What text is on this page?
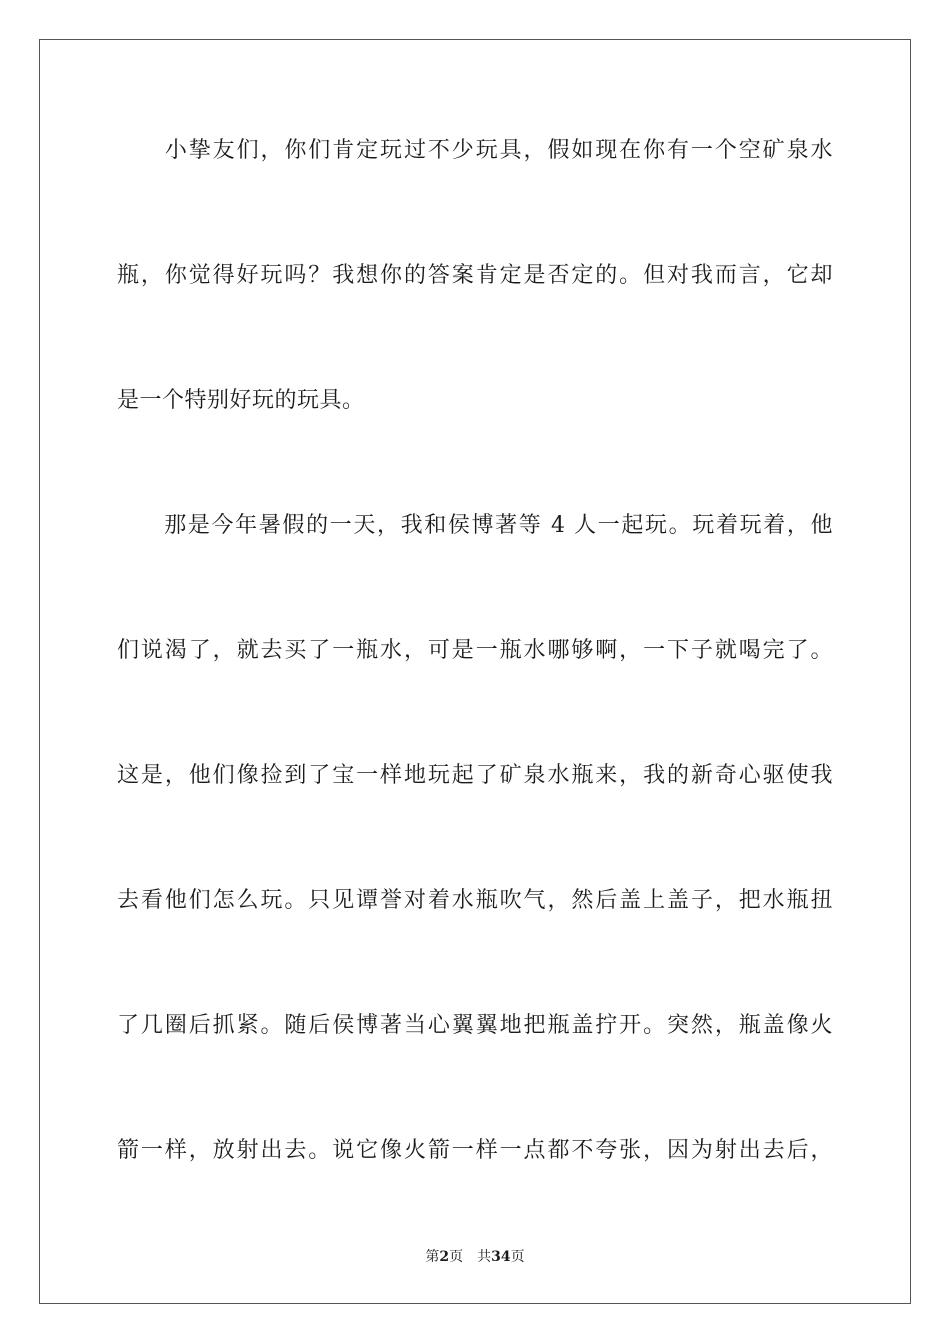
　　小挚友们，你们肯定玩过不少玩具，假如现在你有一个空矿泉水
瓶，你觉得好玩吗？我想你的答案肯定是否定的。但对我而言，它却
是一个特别好玩的玩具。
　　那是今年暑假的一天，我和侯博著等 4 人一起玩。玩着玩着，他
们说渴了，就去买了一瓶水，可是一瓶水哪够啊，一下子就喝完了。
这是，他们像捡到了宝一样地玩起了矿泉水瓶来，我的新奇心驱使我
去看他们怎么玩。只见谭誉对着水瓶吹气，然后盖上盖子，把水瓶扭
了几圈后抓紧。随后侯博著当心翼翼地把瓶盖拧开。突然，瓶盖像火
箭一样，放射出去。说它像火箭一样一点都不夸张，因为射出去后，
第2页 共34页
